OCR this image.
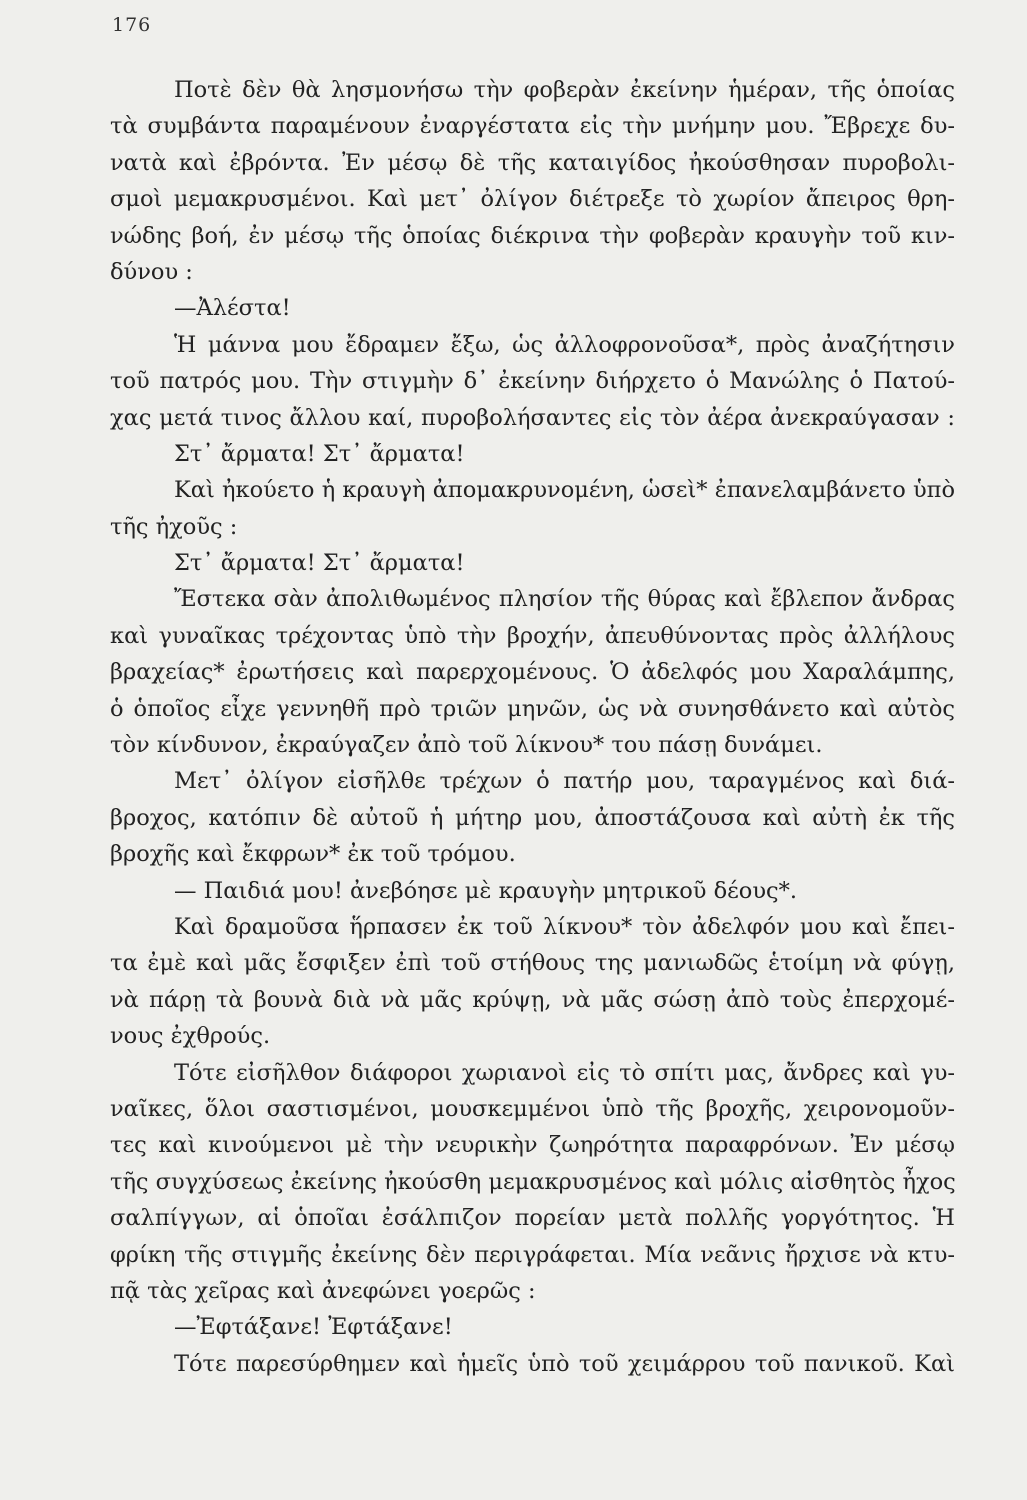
176
Ποτὲ δὲν θὰ λησμονήσω τὴν φοβερὰν ἐκείνην ἡμέραν, τῆς ὁποίας
τὰ συμβάντα παραμένουν ἐναργέστατα εἰς τὴν μνήμην μου. Ἔβρεχε δυ-
νατὰ καὶ ἐβρόντα. Ἐν μέσῳ δὲ τῆς καταιγίδος ἠκούσθησαν πυροβολι-
σμοὶ μεμακρυσμένοι. Καὶ μετ᾽ ὀλίγον διέτρεξε τὸ χωρίον ἄπειρος θρη-
νώδης βοή, ἐν μέσῳ τῆς ὁποίας διέκρινα τὴν φοβερὰν κραυγὴν τοῦ κιν-
δύνου :
—Ἀλέστα!
Ἡ μάννα μου ἔδραμεν ἔξω, ὡς ἀλλοφρονοῦσα*, πρὸς ἀναζήτησιν
τοῦ πατρός μου. Τὴν στιγμὴν δ᾽ ἐκείνην διήρχετο ὁ Μανώλης ὁ Πατού-
χας μετά τινος ἄλλου καί, πυροβολήσαντες εἰς τὸν ἀέρα ἀνεκραύγασαν :
Στ᾽ ἄρματα! Στ᾽ ἄρματα!
Καὶ ἠκούετο ἡ κραυγὴ ἀπομακρυνομένη, ὡσεὶ* ἐπανελαμβάνετο ὑπὸ
τῆς ἠχοῦς :
Στ᾽ ἄρματα! Στ᾽ ἄρματα!
Ἔστεκα σὰν ἀπολιθωμένος πλησίον τῆς θύρας καὶ ἔβλεπον ἄνδρας
καὶ γυναῖκας τρέχοντας ὑπὸ τὴν βροχήν, ἀπευθύνοντας πρὸς ἀλλήλους
βραχείας* ἐρωτήσεις καὶ παρερχομένους. Ὁ ἀδελφός μου Χαραλάμπης,
ὁ ὁποῖος εἶχε γεννηθῆ πρὸ τριῶν μηνῶν, ὡς νὰ συνησθάνετο καὶ αὐτὸς
τὸν κίνδυνον, ἐκραύγαζεν ἀπὸ τοῦ λίκνου* του πάσῃ δυνάμει.
Μετ᾽ ὀλίγον εἰσῆλθε τρέχων ὁ πατήρ μου, ταραγμένος καὶ διά-
βροχος, κατόπιν δὲ αὐτοῦ ἡ μήτηρ μου, ἀποστάζουσα καὶ αὐτὴ ἐκ τῆς
βροχῆς καὶ ἔκφρων* ἐκ τοῦ τρόμου.
— Παιδιά μου! ἀνεβόησε μὲ κραυγὴν μητρικοῦ δέους*.
Καὶ δραμοῦσα ἥρπασεν ἐκ τοῦ λίκνου* τὸν ἀδελφόν μου καὶ ἔπει-
τα ἐμὲ καὶ μᾶς ἔσφιξεν ἐπὶ τοῦ στήθους της μανιωδῶς ἑτοίμη νὰ φύγῃ,
νὰ πάρῃ τὰ βουνὰ διὰ νὰ μᾶς κρύψῃ, νὰ μᾶς σώσῃ ἀπὸ τοὺς ἐπερχομέ-
νους ἐχθρούς.
Τότε εἰσῆλθον διάφοροι χωριανοὶ εἰς τὸ σπίτι μας, ἄνδρες καὶ γυ-
ναῖκες, ὅλοι σαστισμένοι, μουσκεμμένοι ὑπὸ τῆς βροχῆς, χειρονομοῦν-
τες καὶ κινούμενοι μὲ τὴν νευρικὴν ζωηρότητα παραφρόνων. Ἐν μέσῳ
τῆς συγχύσεως ἐκείνης ἠκούσθη μεμακρυσμένος καὶ μόλις αἰσθητὸς ἦχος
σαλπίγγων, αἱ ὁποῖαι ἐσάλπιζον πορείαν μετὰ πολλῆς γοργότητος. Ἡ
φρίκη τῆς στιγμῆς ἐκείνης δὲν περιγράφεται. Μία νεᾶνις ἤρχισε νὰ κτυ-
πᾷ τὰς χεῖρας καὶ ἀνεφώνει γοερῶς :
—Ἐφτάξανε! Ἐφτάξανε!
Τότε παρεσύρθημεν καὶ ἡμεῖς ὑπὸ τοῦ χειμάρρου τοῦ πανικοῦ. Καὶ
